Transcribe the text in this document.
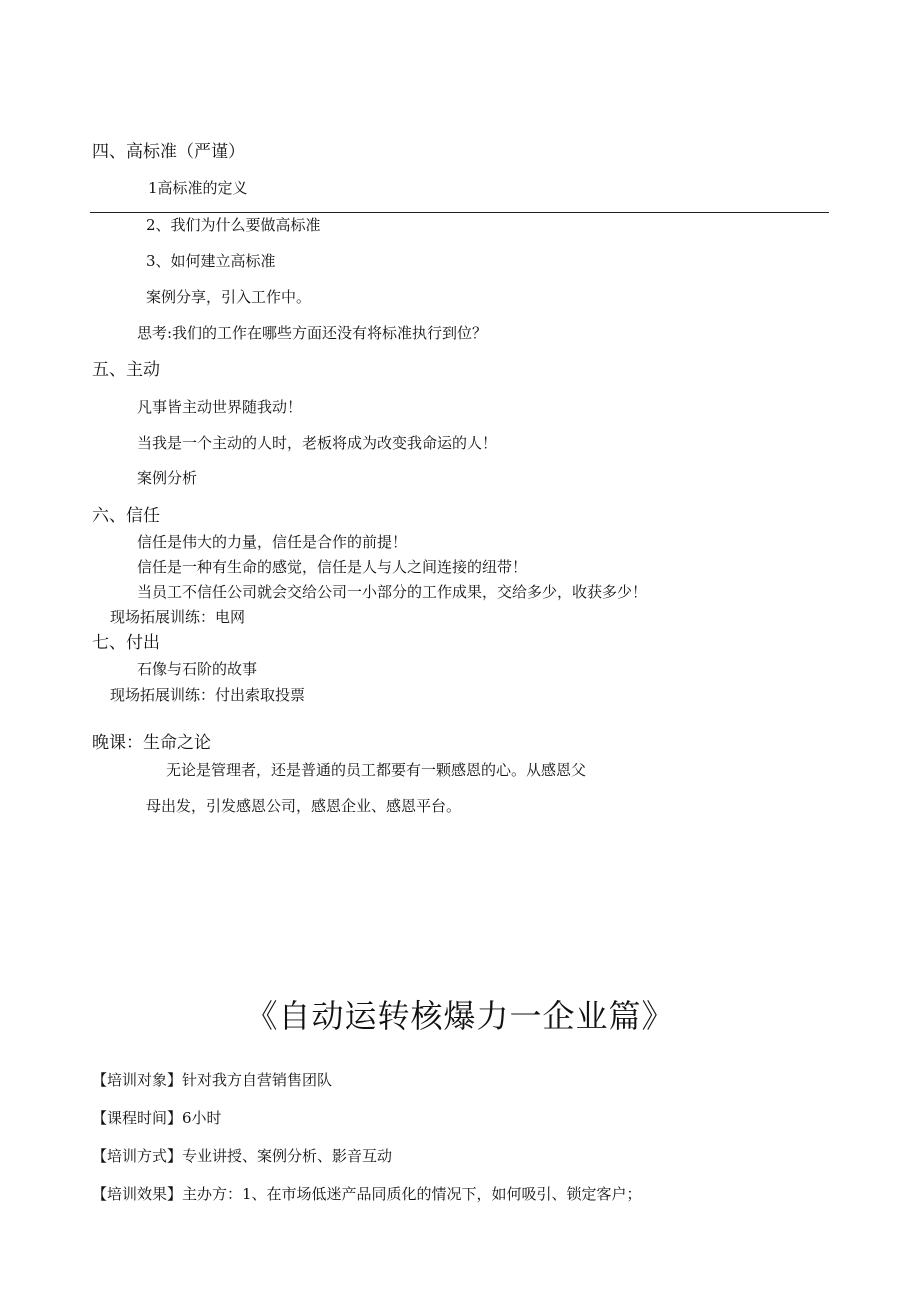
四、高标准（严谨）
1高标准的定义
2、我们为什么要做高标准
3、如何建立高标准
案例分享，引入工作中。
思考:我们的工作在哪些方面还没有将标准执行到位？
五、主动
凡事皆主动世界随我动！
当我是一个主动的人时，老板将成为改变我命运的人！
案例分析
六、信任
信任是伟大的力量，信任是合作的前提！
信任是一种有生命的感觉，信任是人与人之间连接的纽带！
当员工不信任公司就会交给公司一小部分的工作成果，交给多少，收获多少！
现场拓展训练：电网
七、付出
石像与石阶的故事
现场拓展训练：付出索取投票
晚课：生命之论
无论是管理者，还是普通的员工都要有一颗感恩的心。从感恩父
母出发，引发感恩公司，感恩企业、感恩平台。
《自动运转核爆力一企业篇》
【培训对象】针对我方自营销售团队
【课程时间】6小时
【培训方式】专业讲授、案例分析、影音互动
【培训效果】主办方：1、在市场低迷产品同质化的情况下，如何吸引、锁定客户；
